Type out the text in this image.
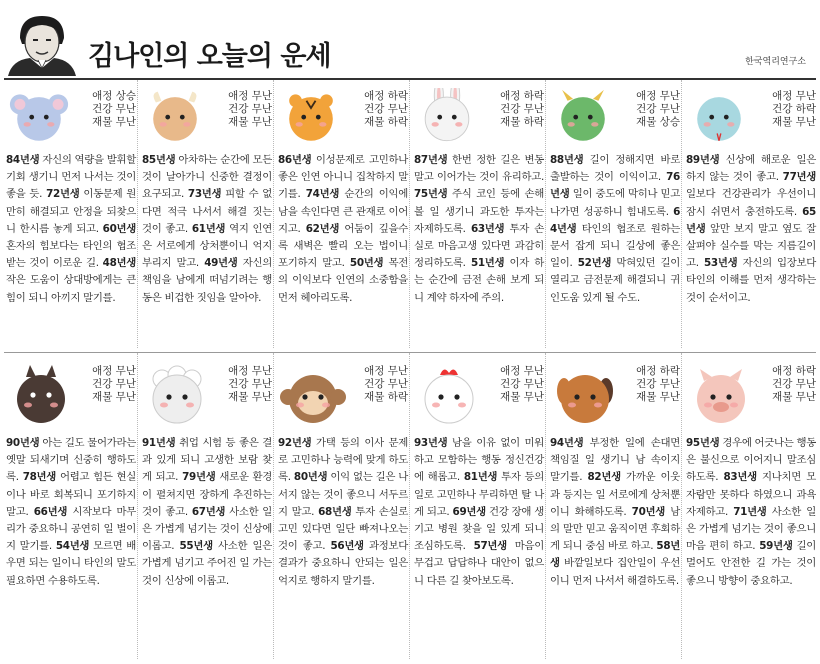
김나인의 오늘의 운세	한국역리연구소
애정 상승
건강 무난
재물 무난
84년생 자신의 역량을 발휘할 기회 생기니 먼저 나서는 것이 좋을 듯. 72년생 이동문제 원만히 해결되고 안정을 되찾으니 한시름 놓게 되고. 60년생 혼자의 힘보다는 타인의 협조 받는 것이 이로운 길. 48년생 작은 도움이 상대방에게는 큰 힘이 되니 아끼지 말기를.
애정 무난
건강 무난
재물 무난
85년생 아차하는 순간에 모든 것이 날아가니 신중한 결정이 요구되고. 73년생 피할 수 없다면 적극 나서서 해결 짓는 것이 좋고. 61년생 역지 인연은 서로에게 상처뿐이니 억지 부리지 말고. 49년생 자신의 책임을 남에게 떠넘기려는 행동은 비겁한 짓임을 알아야.
애정 하락
건강 무난
재물 하락
86년생 이성문제로 고민하나 좋은 인연 아니니 집착하지 말기를. 74년생 순간의 이익에 남을 속인다면 큰 관재로 이어지고. 62년생 어둠이 깊을수록 새벽은 빨리 오는 법이니 포기하지 말고. 50년생 목전의 이익보다 인연의 소중함을 먼저 헤아리도록.
애정 하락
건강 무난
재물 하락
87년생 한번 정한 길은 변동 말고 이어가는 것이 유리하고. 75년생 주식 코인 등에 손해 볼 일 생기니 과도한 투자는 자제하도록. 63년생 투자 손실로 마음고생 있다면 과감히 정리하도록. 51년생 이자 하는 순간에 금전 손해 보게 되니 계약 하자에 주의.
애정 무난
건강 무난
재물 상승
88년생 길이 정해지면 바로 출발하는 것이 이익이고. 76년생 일이 중도에 막히나 믿고 나가면 성공하니 힘내도록. 64년생 타인의 협조로 원하는 문서 잡게 되니 길상에 좋은 일이. 52년생 막혀있던 길이 열리고 금전문제 해결되니 귀인도움 있게 될 수도.
애정 무난
건강 하락
재물 무난
89년생 신상에 해로운 일은 하지 않는 것이 좋고. 77년생 일보다 건강관리가 우선이니 잠시 쉬면서 충전하도록. 65년생 앞만 보지 말고 옆도 잘 살펴야 실수를 막는 지름길이고. 53년생 자신의 입장보다 타인의 이해를 먼저 생각하는 것이 순서이고.
애정 무난
건강 무난
재물 무난
90년생 아는 길도 물어가라는 옛말 되새기며 신중히 행하도록. 78년생 어렵고 힘든 현실이나 바로 회복되니 포기하지 말고. 66년생 시작보다 마무리가 중요하니 공연히 일 벌이지 말기를. 54년생 모르면 배우면 되는 일이니 타인의 말도 필요하면 수용하도록.
애정 무난
건강 무난
재물 무난
91년생 취업 시험 등 좋은 결과 있게 되니 고생한 보람 찾게 되고. 79년생 새로운 환경이 펼쳐지면 장하게 추진하는 것이 좋고. 67년생 사소한 일은 가볍게 넘기는 것이 신상에 이롭고. 55년생 사소한 일은 가볍게 넘기고 주어진 일 가는 것이 신상에 이롭고.
애정 무난
건강 무난
재물 하락
92년생 가택 등의 이사 문제로 고민하나 능력에 맞게 하도록. 80년생 이익 없는 길은 나서지 않는 것이 좋으니 서두르지 말고. 68년생 투자 손실로 고민 있다면 일단 빠져나오는 것이 좋고. 56년생 과정보다 결과가 중요하니 안되는 일은 억지로 행하지 말기를.
애정 무난
건강 무난
재물 무난
93년생 남을 이유 없이 미워하고 모함하는 행동 정신건강에 해롭고. 81년생 투자 등의 일로 고민하나 무리하면 탈 나게 되고. 69년생 건강 장애 생기고 병원 찾을 일 있게 되니 조심하도록. 57년생 마음이 무겁고 답답하나 대안이 없으니 다른 길 찾아보도록.
애정 하락
건강 무난
재물 무난
94년생 부정한 일에 손대면 책임질 일 생기니 남 속이지 말기를. 82년생 가까운 이웃과 등지는 일 서로에게 상처뿐이니 화해하도록. 70년생 남의 말만 믿고 움직이면 후회하게 되니 중심 바로 하고. 58년생 바깥일보다 집안일이 우선이니 먼저 나서서 해결하도록.
애정 하락
건강 무난
재물 무난
95년생 경우에 어긋나는 행동은 불신으로 이어지니 말조심 하도록. 83년생 지나치면 모자람만 못하다 하였으니 과욕 자제하고. 71년생 사소한 일은 가볍게 넘기는 것이 좋으니 마음 편히 하고. 59년생 길이 멀어도 안전한 길 가는 것이 좋으니 방향이 중요하고.
